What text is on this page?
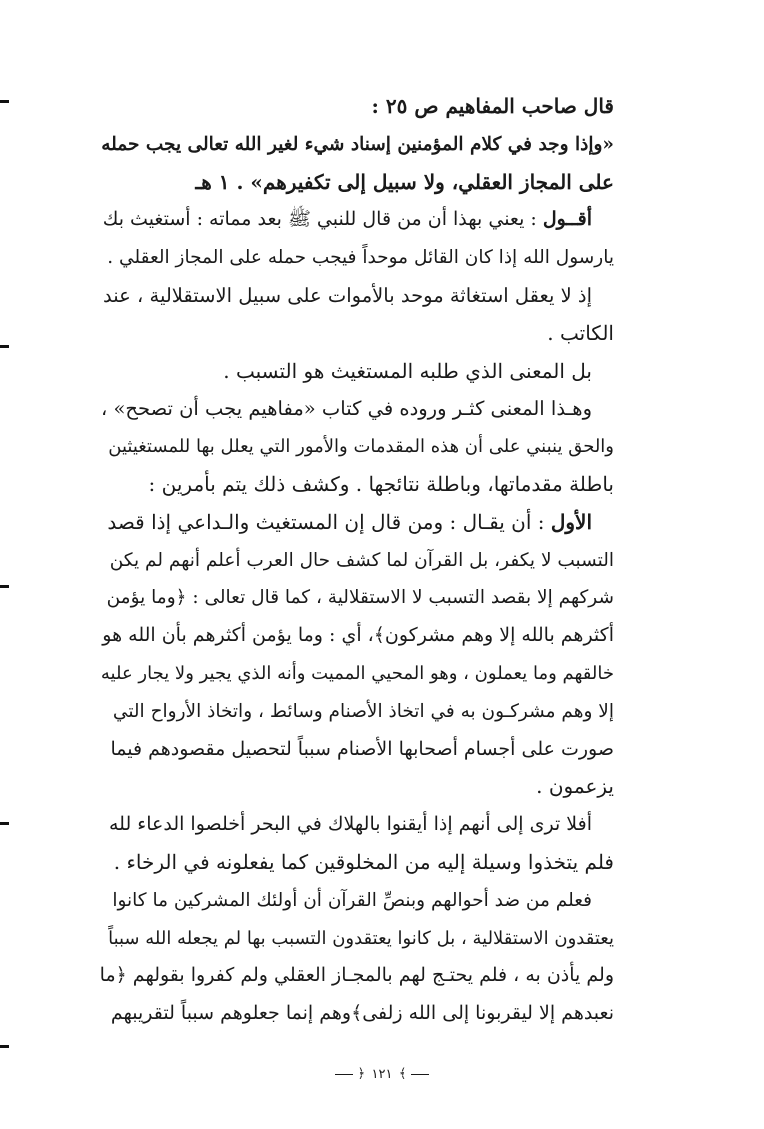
قال صاحب المفاهيم ص ٢٥ :
«وإذا وجد في كلام المؤمنين إسناد شيء لغير الله تعالى يجب حمله
على المجاز العقلي، ولا سبيل إلى تكفيرهم» . ١ هـ
أقــول : يعني بهذا أن من قال للنبي ﷺ بعد مماته : أستغيث بك
يارسول الله إذا كان القائل موحداً فيجب حمله على المجاز العقلي .
إذ لا يعقل استغاثة موحد بالأموات على سبيل الاستقلالية ، عند
الكاتب .
بل المعنى الذي طلبه المستغيث هو التسبب .
وهـذا المعنى كثـر وروده في كتاب «مفاهيم يجب أن تصحح» ،
والحق ينبني على أن هذه المقدمات والأمور التي يعلل بها للمستغيثين
باطلة مقدماتها، وباطلة نتائجها . وكشف ذلك يتم بأمرين :
الأول : أن يقـال : ومن قال إن المستغيث والـداعي إذا قصد
التسبب لا يكفر، بل القرآن لما كشف حال العرب أعلم أنهم لم يكن
شركهم إلا بقصد التسبب لا الاستقلالية ، كما قال تعالى : ﴿وما يؤمن
أكثرهم بالله إلا وهم مشركون﴾، أي : وما يؤمن أكثرهم بأن الله هو
خالقهم وما يعملون ، وهو المحيي المميت وأنه الذي يجير ولا يجار عليه
إلا وهم مشركـون به في اتخاذ الأصنام وسائط ، واتخاذ الأرواح التي
صورت على أجسام أصحابها الأصنام سبباً لتحصيل مقصودهم فيما
يزعمون .
أفلا ترى إلى أنهم إذا أيقنوا بالهلاك في البحر أخلصوا الدعاء لله
فلم يتخذوا وسيلة إليه من المخلوقين كما يفعلونه في الرخاء .
فعلم من ضد أحوالهم وبنصِّ القرآن أن أولئك المشركين ما كانوا
يعتقدون الاستقلالية ، بل كانوا يعتقدون التسبب بها لم يجعله الله سبباً
ولم يأذن به ، فلم يحتـج لهم بالمجـاز العقلي ولم كفروا بقولهم ﴿ما
نعبدهم إلا ليقربونا إلى الله زلفى﴾وهم إنما جعلوهم سبباً لتقريبهم
﴾ ١٢١ ﴿
